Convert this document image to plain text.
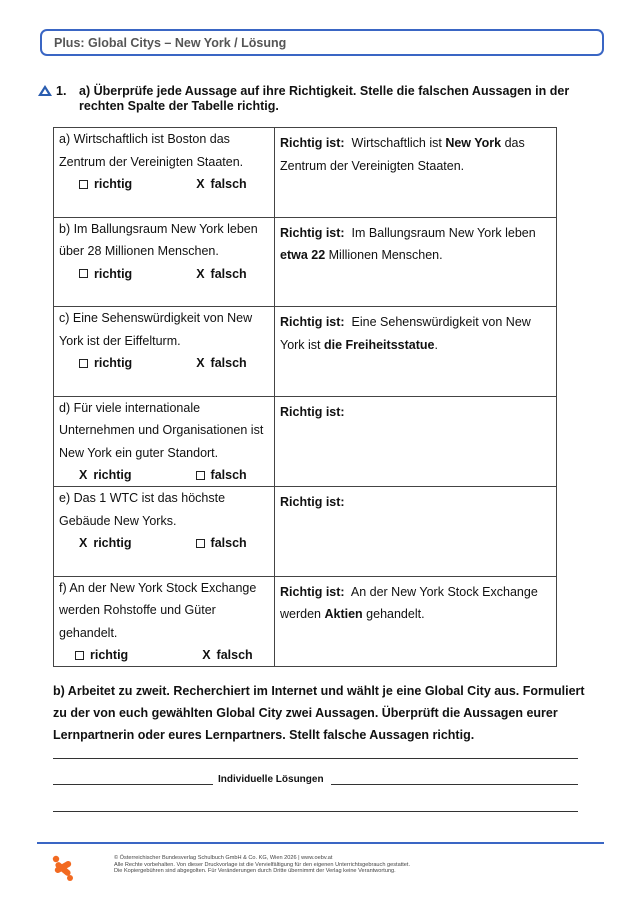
Plus: Global Citys – New York / Lösung
1. a) Überprüfe jede Aussage auf ihre Richtigkeit. Stelle die falschen Aussagen in der rechten Spalte der Tabelle richtig.
a) Wirtschaftlich ist Boston das Zentrum der Vereinigten Staaten.
richtig X falsch	Richtig ist: Wirtschaftlich ist New York das Zentrum der Vereinigten Staaten.

b) Im Ballungsraum New York leben über 28 Millionen Menschen.
richtig X falsch	Richtig ist: Im Ballungsraum New York leben etwa 22 Millionen Menschen.

c) Eine Sehenswürdigkeit von New York ist der Eiffelturm.
richtig X falsch	Richtig ist: Eine Sehenswürdigkeit von New York ist die Freiheitsstatue.

d) Für viele internationale Unternehmen und Organisationen ist New York ein guter Standort.
X richtig falsch	Richtig ist:

e) Das 1 WTC ist das höchste Gebäude New Yorks.
X richtig falsch	Richtig ist:

f) An der New York Stock Exchange werden Rohstoffe und Güter gehandelt.
richtig X falsch	Richtig ist: An der New York Stock Exchange werden Aktien gehandelt.
b) Arbeitet zu zweit. Recherchiert im Internet und wählt je eine Global City aus. Formuliert zu der von euch gewählten Global City zwei Aussagen. Überprüft die Aussagen eurer Lernpartnerin oder eures Lernpartners. Stellt falsche Aussagen richtig.
Individuelle Lösungen
© Österreichischer Bundesverlag Schulbuch GmbH & Co. KG, Wien 2026 | www.oebv.at
Alle Rechte vorbehalten. Von dieser Druckvorlage ist die Vervielfältigung für den eigenen Unterrichtsgebrauch gestattet.
Die Kopiergebühren sind abgegolten. Für Veränderungen durch Dritte übernimmt der Verlag keine Verantwortung.
